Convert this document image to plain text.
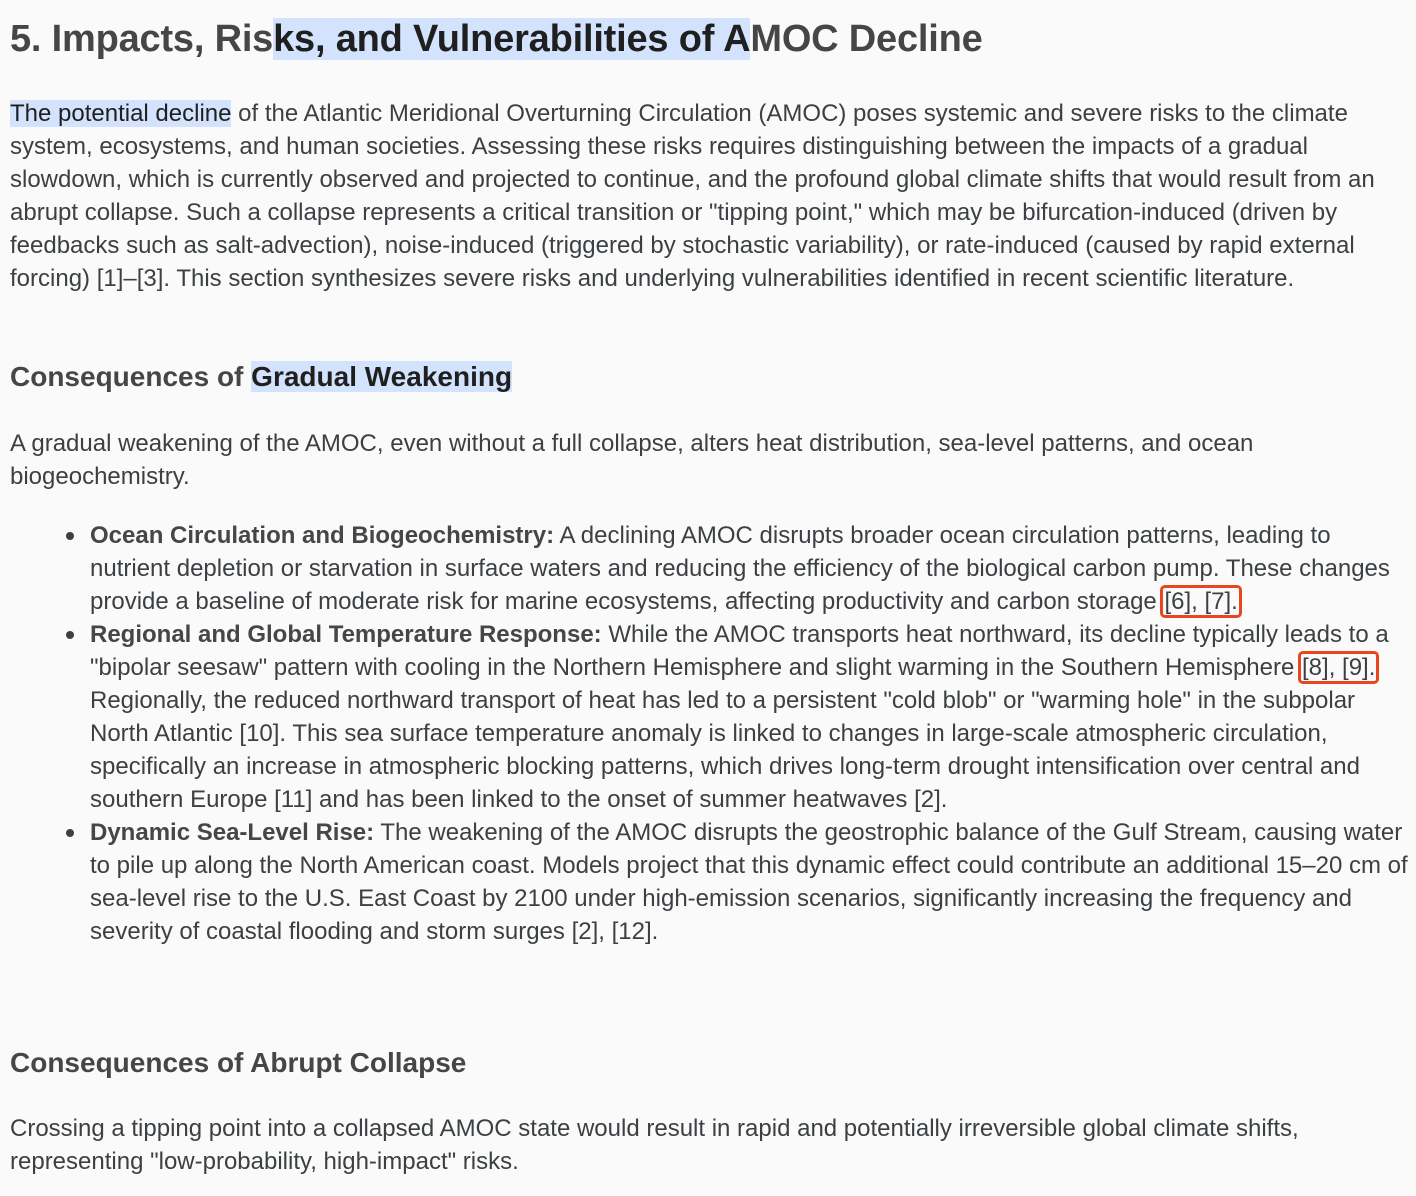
5. Impacts, Risks, and Vulnerabilities of AMOC Decline

The potential decline of the Atlantic Meridional Overturning Circulation (AMOC) poses systemic and severe risks to the climate system, ecosystems, and human societies. Assessing these risks requires distinguishing between the impacts of a gradual slowdown, which is currently observed and projected to continue, and the profound global climate shifts that would result from an abrupt collapse. Such a collapse represents a critical transition or "tipping point," which may be bifurcation-induced (driven by feedbacks such as salt-advection), noise-induced (triggered by stochastic variability), or rate-induced (caused by rapid external forcing) [1]–[3]. This section synthesizes severe risks and underlying vulnerabilities identified in recent scientific literature.

Consequences of Gradual Weakening

A gradual weakening of the AMOC, even without a full collapse, alters heat distribution, sea-level patterns, and ocean biogeochemistry.

Ocean Circulation and Biogeochemistry: A declining AMOC disrupts broader ocean circulation patterns, leading to nutrient depletion or starvation in surface waters and reducing the efficiency of the biological carbon pump. These changes provide a baseline of moderate risk for marine ecosystems, affecting productivity and carbon storage [6], [7].
Regional and Global Temperature Response: While the AMOC transports heat northward, its decline typically leads to a "bipolar seesaw" pattern with cooling in the Northern Hemisphere and slight warming in the Southern Hemisphere [8], [9]. Regionally, the reduced northward transport of heat has led to a persistent "cold blob" or "warming hole" in the subpolar North Atlantic [10]. This sea surface temperature anomaly is linked to changes in large-scale atmospheric circulation, specifically an increase in atmospheric blocking patterns, which drives long-term drought intensification over central and southern Europe [11] and has been linked to the onset of summer heatwaves [2].
Dynamic Sea-Level Rise: The weakening of the AMOC disrupts the geostrophic balance of the Gulf Stream, causing water to pile up along the North American coast. Models project that this dynamic effect could contribute an additional 15–20 cm of sea-level rise to the U.S. East Coast by 2100 under high-emission scenarios, significantly increasing the frequency and severity of coastal flooding and storm surges [2], [12].
Consequences of Abrupt Collapse

Crossing a tipping point into a collapsed AMOC state would result in rapid and potentially irreversible global climate shifts, representing "low-probability, high-impact" risks.
